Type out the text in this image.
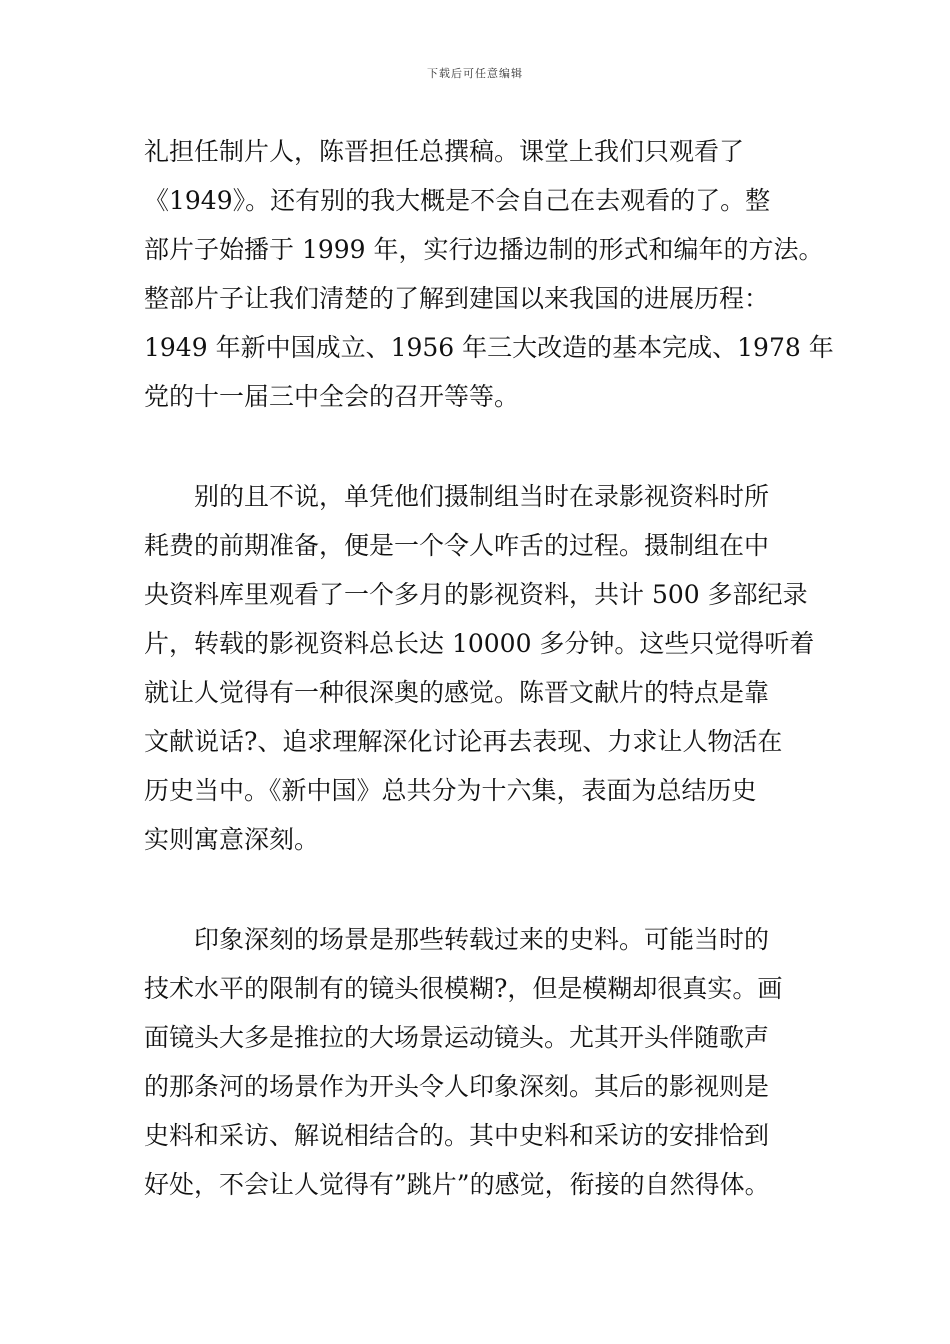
下载后可任意编辑
礼担任制片人，陈晋担任总撰稿。课堂上我们只观看了
《1949》。还有别的我大概是不会自己在去观看的了。整
部片子始播于 1999 年，实行边播边制的形式和编年的方法。
整部片子让我们清楚的了解到建国以来我国的进展历程：
1949 年新中国成立、1956 年三大改造的基本完成、1978 年
党的十一届三中全会的召开等等。
　　别的且不说，单凭他们摄制组当时在录影视资料时所
耗费的前期准备，便是一个令人咋舌的过程。摄制组在中
央资料库里观看了一个多月的影视资料，共计 500 多部纪录
片，转载的影视资料总长达 10000 多分钟。这些只觉得听着
就让人觉得有一种很深奥的感觉。陈晋文献片的特点是靠
文献说话?、追求理解深化讨论再去表现、力求让人物活在
历史当中。《新中国》总共分为十六集，表面为总结历史
实则寓意深刻。
　　印象深刻的场景是那些转载过来的史料。可能当时的
技术水平的限制有的镜头很模糊?，但是模糊却很真实。画
面镜头大多是推拉的大场景运动镜头。尤其开头伴随歌声
的那条河的场景作为开头令人印象深刻。其后的影视则是
史料和采访、解说相结合的。其中史料和采访的安排恰到
好处，不会让人觉得有”跳片”的感觉，衔接的自然得体。
